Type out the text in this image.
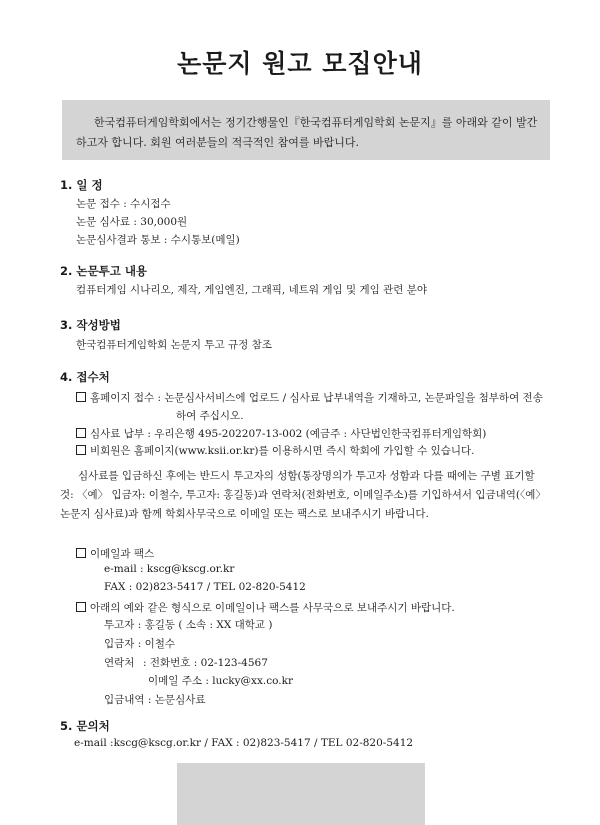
논문지 원고 모집안내

한국컴퓨터게임학회에서는 정기간행물인『한국컴퓨터게임학회 논문지』를 아래와 같이 발간

하고자 합니다. 회원 여러분들의 적극적인 참여를 바랍니다.

1. 일 정
논문 접수 : 수시접수
논문 심사료 : 30,000원
논문심사결과 통보 : 수시통보(메일)
2. 논문투고 내용
컴퓨터게임 시나리오, 제작, 게임엔진, 그래픽, 네트워 게임 및 게임 관련 분야
3. 작성방법
한국컴퓨터게임학회 논문지 투고 규정 참조
4. 접수처
홈페이지 접수 : 논문심사서비스에 업로드 / 심사료 납부내역을 기재하고, 논문파일을 첨부하여 전송
하여 주십시오.
심사료 납부 : 우리은행 495-202207-13-002 (예금주 : 사단법인한국컴퓨터게임학회)
비회원은 홈페이지(www.ksii.or.kr)를 이용하시면 즉시 학회에 가입할 수 있습니다.

심사료를 입금하신 후에는 반드시 투고자의 성함(통장명의가 투고자 성함과 다를 때에는 구별 표기할

것: 〈예〉 입금자: 이철수, 투고자: 홍길동)과 연락처(전화번호, 이메일주소)를 기입하셔서 입금내역(〈예〉
논문지 심사료)과 함께 학회사무국으로 이메일 또는 팩스로 보내주시기 바랍니다.
이메일과 팩스
e-mail : kscg@kscg.or.kr
FAX : 02)823-5417 / TEL 02-820-5412
아래의 예와 같은 형식으로 이메일이나 팩스를 사무국으로 보내주시기 바랍니다.
투고자 : 홍길동 ( 소속 : XX 대학교 )
입금자 : 이철수
연락처 : 전화번호 : 02-123-4567
이메일 주소 : lucky@xx.co.kr
입금내역 : 논문심사료
5. 문의처
e-mail :kscg@kscg.or.kr / FAX : 02)823-5417 / TEL 02-820-5412
